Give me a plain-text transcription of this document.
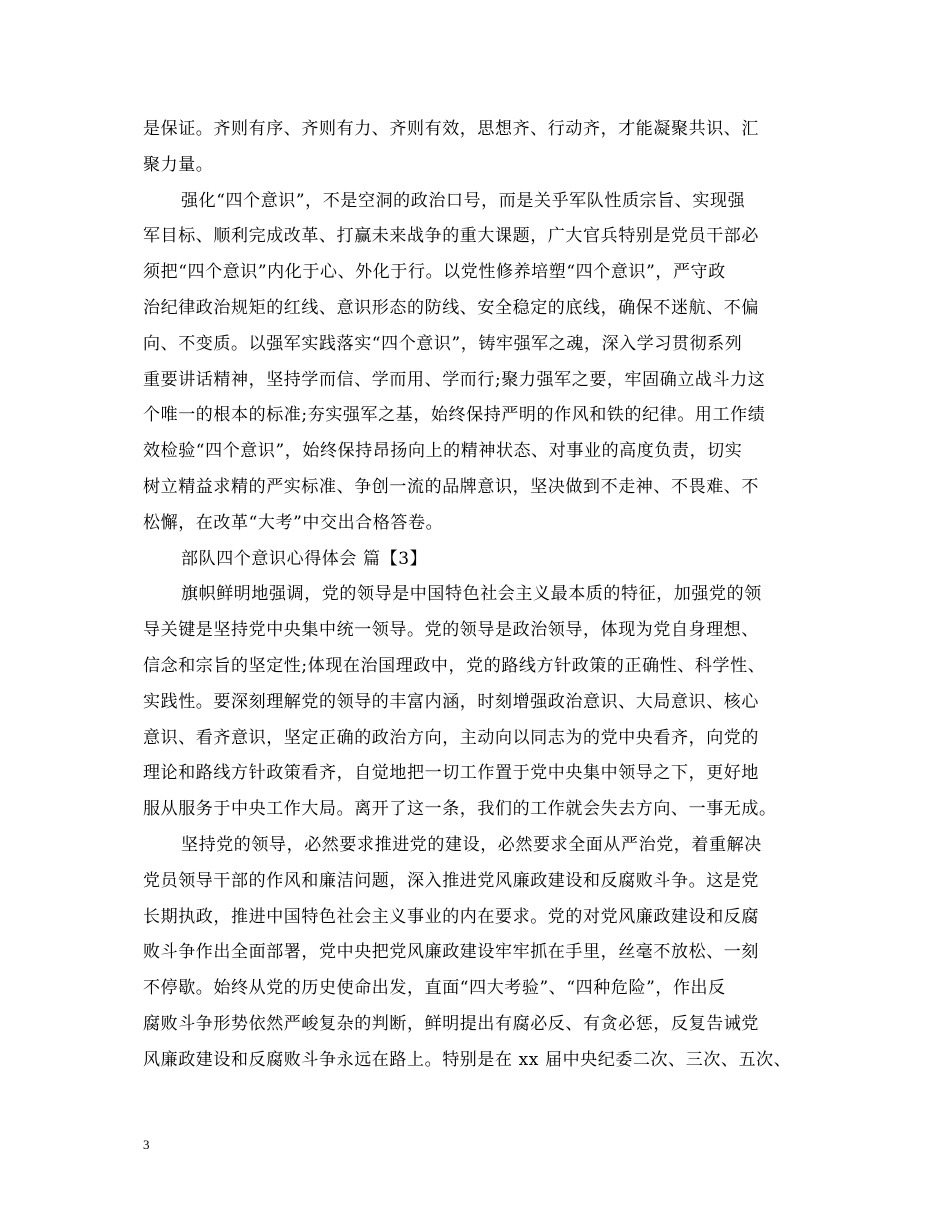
是保证。齐则有序、齐则有力、齐则有效，思想齐、行动齐，才能凝聚共识、汇
聚力量。
强化“四个意识”，不是空洞的政治口号，而是关乎军队性质宗旨、实现强
军目标、顺利完成改革、打赢未来战争的重大课题，广大官兵特别是党员干部必
须把“四个意识”内化于心、外化于行。以党性修养培塑“四个意识”，严守政
治纪律政治规矩的红线、意识形态的防线、安全稳定的底线，确保不迷航、不偏
向、不变质。以强军实践落实“四个意识”，铸牢强军之魂，深入学习贯彻系列
重要讲话精神，坚持学而信、学而用、学而行;聚力强军之要，牢固确立战斗力这
个唯一的根本的标准;夯实强军之基，始终保持严明的作风和铁的纪律。用工作绩
效检验“四个意识”，始终保持昂扬向上的精神状态、对事业的高度负责，切实
树立精益求精的严实标准、争创一流的品牌意识，坚决做到不走神、不畏难、不
松懈，在改革“大考”中交出合格答卷。
部队四个意识心得体会 篇【3】
旗帜鲜明地强调，党的领导是中国特色社会主义最本质的特征，加强党的领
导关键是坚持党中央集中统一领导。党的领导是政治领导，体现为党自身理想、
信念和宗旨的坚定性;体现在治国理政中，党的路线方针政策的正确性、科学性、
实践性。要深刻理解党的领导的丰富内涵，时刻增强政治意识、大局意识、核心
意识、看齐意识，坚定正确的政治方向，主动向以同志为的党中央看齐，向党的
理论和路线方针政策看齐，自觉地把一切工作置于党中央集中领导之下，更好地
服从服务于中央工作大局。离开了这一条，我们的工作就会失去方向、一事无成。
坚持党的领导，必然要求推进党的建设，必然要求全面从严治党，着重解决
党员领导干部的作风和廉洁问题，深入推进党风廉政建设和反腐败斗争。这是党
长期执政，推进中国特色社会主义事业的内在要求。党的对党风廉政建设和反腐
败斗争作出全面部署，党中央把党风廉政建设牢牢抓在手里，丝毫不放松、一刻
不停歇。始终从党的历史使命出发，直面“四大考验”、“四种危险”，作出反
腐败斗争形势依然严峻复杂的判断，鲜明提出有腐必反、有贪必惩，反复告诫党
风廉政建设和反腐败斗争永远在路上。特别是在 xx 届中央纪委二次、三次、五次、
3
